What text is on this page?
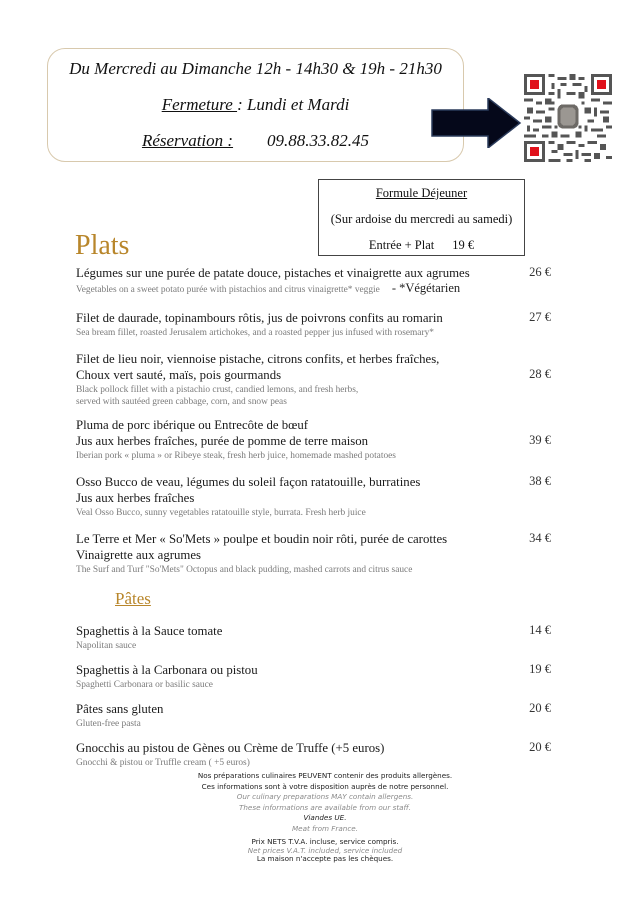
Du Mercredi au Dimanche 12h - 14h30 & 19h - 21h30
Fermeture : Lundi et Mardi
Réservation : 09.88.33.82.45
Formule Déjeuner
(Sur ardoise du mercredi au samedi)
Entrée + Plat 19 €
Plats
Légumes sur une purée de patate douce, pistaches et vinaigrette aux agrumes
Vegetables on a sweet potato purée with pistachios and citrus vinaigrette* veggie - *Végétarien
26 €
Filet de daurade, topinambours rôtis, jus de poivrons confits au romarin
Sea bream fillet, roasted Jerusalem artichokes, and a roasted pepper jus infused with rosemary*
27 €
Filet de lieu noir, viennoise pistache, citrons confits, et herbes fraîches,
Choux vert sauté, maïs, pois gourmands
Black pollock fillet with a pistachio crust, candied lemons, and fresh herbs,
served with sautéed green cabbage, corn, and snow peas
28 €
Pluma de porc ibérique ou Entrecôte de bœuf
Jus aux herbes fraîches, purée de pomme de terre maison
Iberian pork « pluma » or Ribeye steak, fresh herb juice, homemade mashed potatoes
39 €
Osso Bucco de veau, légumes du soleil façon ratatouille, burratines
Jus aux herbes fraîches
Veal Osso Bucco, sunny vegetables ratatouille style, burrata. Fresh herb juice
38 €
Le Terre et Mer « So'Mets » poulpe et boudin noir rôti, purée de carottes
Vinaigrette aux agrumes
The Surf and Turf "So'Mets" Octopus and black pudding, mashed carrots and citrus sauce
34 €
Pâtes
Spaghettis à la Sauce tomate
Napolitan sauce
14 €
Spaghettis à la Carbonara ou pistou
Spaghetti Carbonara or basilic sauce
19 €
Pâtes sans gluten
Gluten-free pasta
20 €
Gnocchis au pistou de Gènes ou Crème de Truffe (+5 euros)
Gnocchi & pistou or Truffle cream ( +5 euros)
20 €
Nos préparations culinaires PEUVENT contenir des produits allergènes.
Ces informations sont à votre disposition auprès de notre personnel.
Our culinary preparations MAY contain allergens.
These informations are available from our staff.
Viandes UE.
Meat from France.
Prix NETS T.V.A. incluse, service compris.
Net prices V.A.T. included, service included
La maison n'accepte pas les chèques.
